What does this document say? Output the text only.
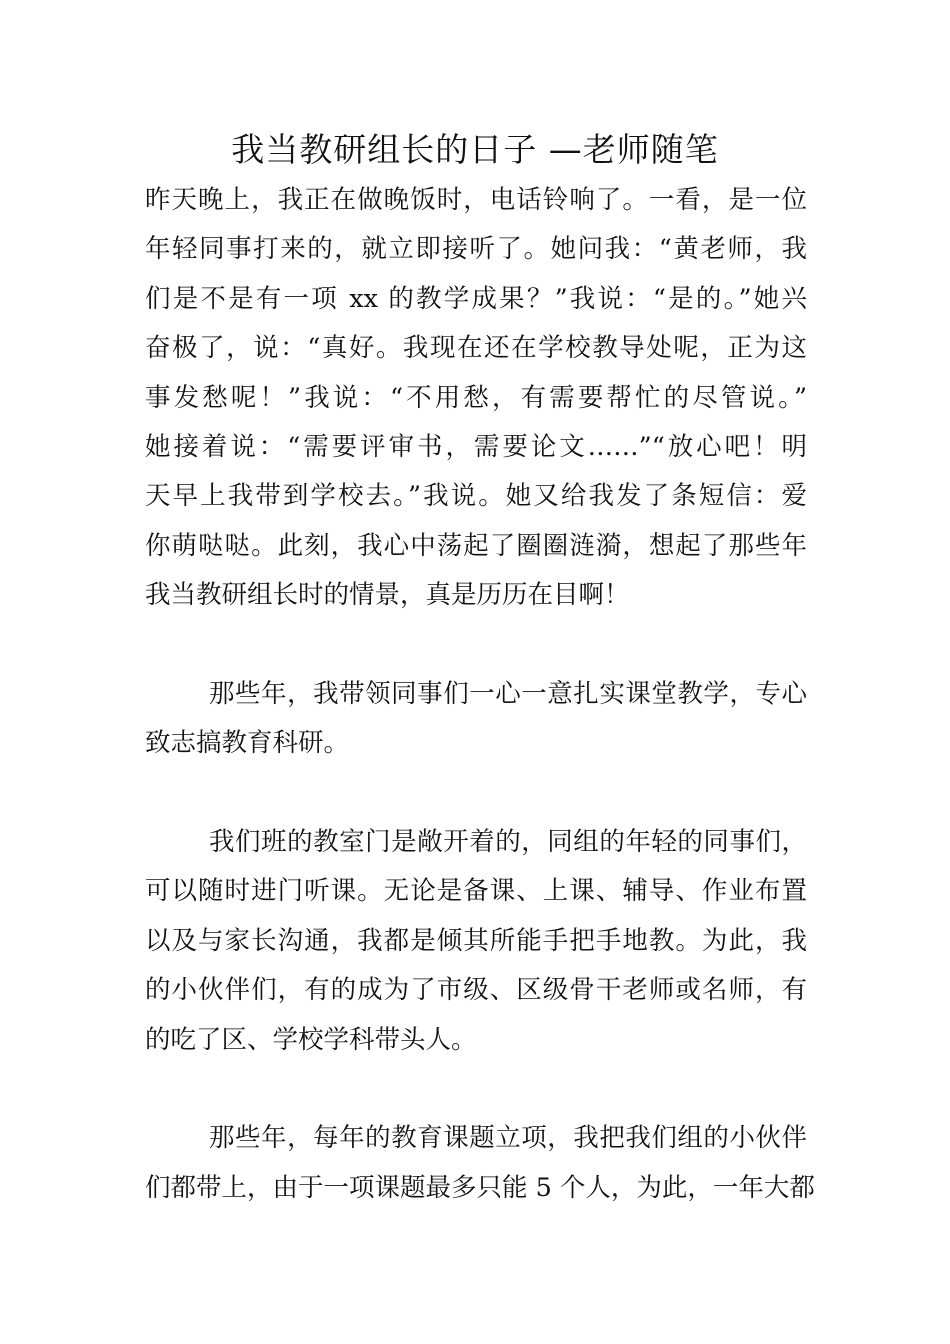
我当教研组长的日子 —老师随笔
昨天晚上，我正在做晚饭时，电话铃响了。一看，是一位
年轻同事打来的，就立即接听了。她问我：“黄老师，我
们是不是有一项 xx 的教学成果？”我说：“是的。”她兴
奋极了，说：“真好。我现在还在学校教导处呢，正为这
事发愁呢！”我说：“不用愁，有需要帮忙的尽管说。”
她接着说：“需要评审书，需要论文……”“放心吧！明
天早上我带到学校去。”我说。她又给我发了条短信：爱
你萌哒哒。此刻，我心中荡起了圈圈涟漪，想起了那些年
我当教研组长时的情景，真是历历在目啊！
那些年，我带领同事们一心一意扎实课堂教学，专心
致志搞教育科研。
我们班的教室门是敞开着的，同组的年轻的同事们，
可以随时进门听课。无论是备课、上课、辅导、作业布置
以及与家长沟通，我都是倾其所能手把手地教。为此，我
的小伙伴们，有的成为了市级、区级骨干老师或名师，有
的吃了区、学校学科带头人。
那些年，每年的教育课题立项，我把我们组的小伙伴
们都带上，由于一项课题最多只能 5 个人，为此，一年大都
